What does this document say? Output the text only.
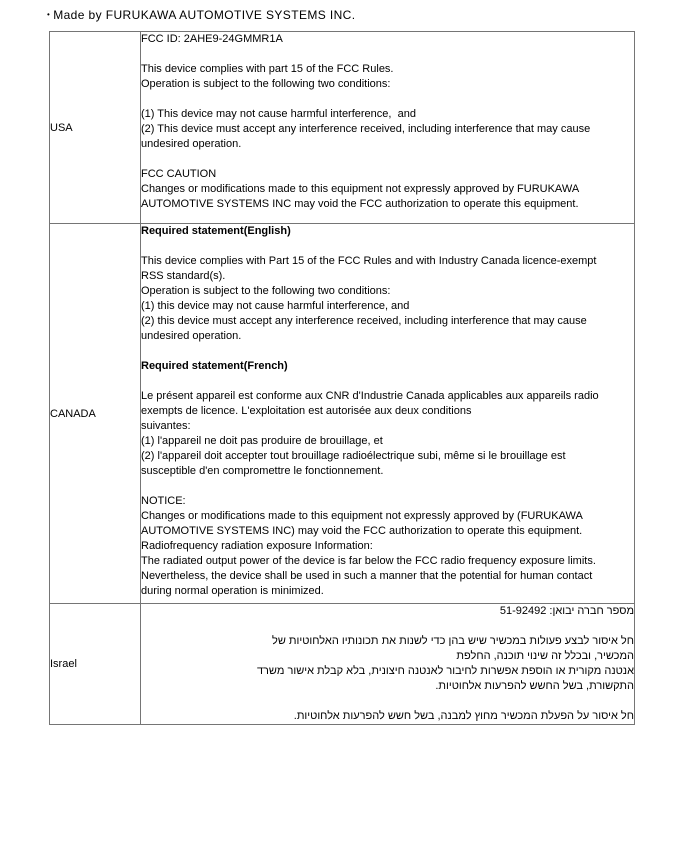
• Made by FURUKAWA AUTOMOTIVE SYSTEMS INC.
USA	
FCC ID: 2AHE9-24GMMR1A

This device complies with part 15 of the FCC Rules.
Operation is subject to the following two conditions:

(1) This device may not cause harmful interference,  and
(2) This device must accept any interference received, including interference that may cause
undesired operation.

FCC CAUTION
Changes or modifications made to this equipment not expressly approved by FURUKAWA
AUTOMOTIVE SYSTEMS INC may void the FCC authorization to operate this equipment.

CANADA	
Required statement(English)

This device complies with Part 15 of the FCC Rules and with Industry Canada licence-exempt
RSS standard(s).
Operation is subject to the following two conditions:
(1) this device may not cause harmful interference, and
(2) this device must accept any interference received, including interference that may cause
undesired operation.

Required statement(French)

Le présent appareil est conforme aux CNR d'Industrie Canada applicables aux appareils radio
exempts de licence. L'exploitation est autorisée aux deux conditions
suivantes:
(1) l'appareil ne doit pas produire de brouillage, et
(2) l'appareil doit accepter tout brouillage radioélectrique subi, même si le brouillage est
susceptible d'en compromettre le fonctionnement.

NOTICE:
Changes or modifications made to this equipment not expressly approved by (FURUKAWA
AUTOMOTIVE SYSTEMS INC) may void the FCC authorization to operate this equipment.
Radiofrequency radiation exposure Information:
The radiated output power of the device is far below the FCC radio frequency exposure limits.
Nevertheless, the device shall be used in such a manner that the potential for human contact
during normal operation is minimized.

Israel	
מספר חברה יבואן: 51-92492

חל איסור לבצע פעולות במכשיר שיש בהן כדי לשנות את תכונותיו האלחוטיות של
המכשיר, ובכלל זה שינוי תוכנה, החלפת
אנטנה מקורית או הוספת אפשרות לחיבור לאנטנה חיצונית, בלא קבלת אישור משרד
התקשורת, בשל החשש להפרעות אלחוטיות.

חל איסור על הפעלת המכשיר מחוץ למבנה, בשל חשש להפרעות אלחוטיות.
